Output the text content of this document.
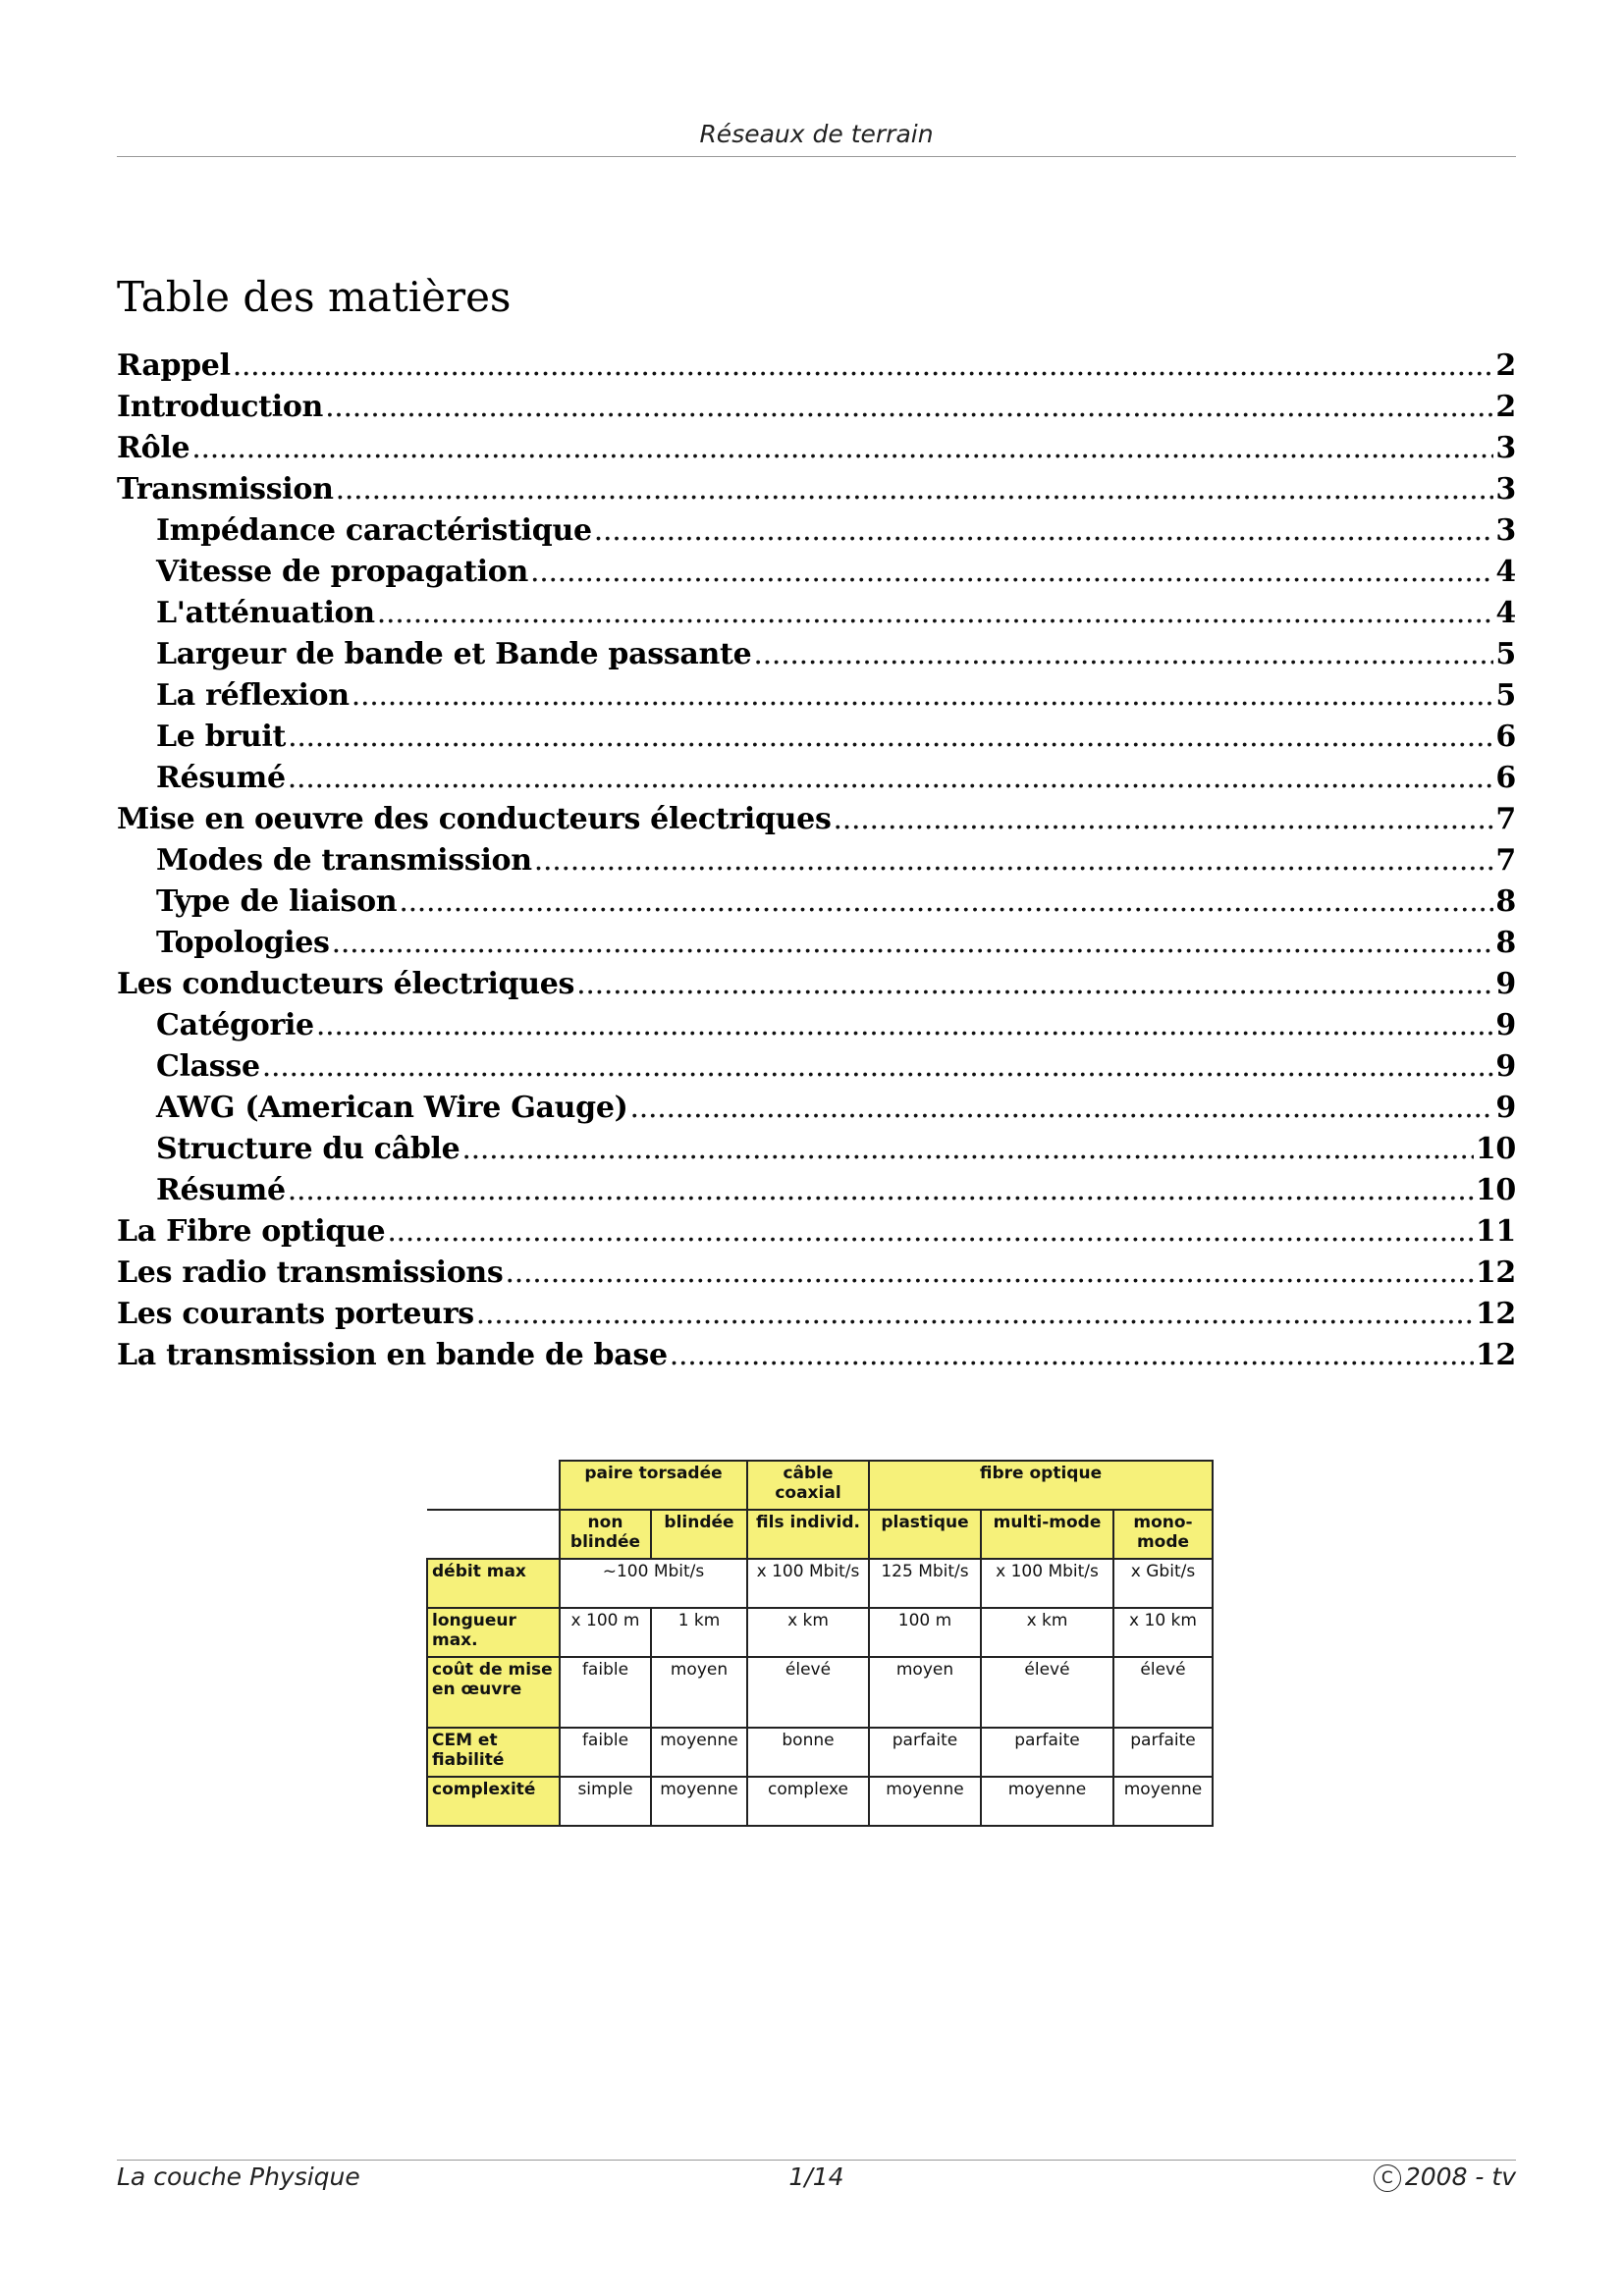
Réseaux de terrain
Table des matières
Rappel .....	2
Introduction .....	2
Rôle .....	3
Transmission .....	3
Impédance caractéristique .....	3
Vitesse de propagation .....	4
L'atténuation .....	4
Largeur de bande et Bande passante .....	5
La réflexion .....	5
Le bruit .....	6
Résumé .....	6
Mise en oeuvre des conducteurs électriques .....	7
Modes de transmission .....	7
Type de liaison .....	8
Topologies .....	8
Les conducteurs électriques .....	9
Catégorie .....	9
Classe .....	9
AWG (American Wire Gauge) .....	9
Structure du câble .....	10
Résumé .....	10
La Fibre optique .....	11
Les radio transmissions .....	12
Les courants porteurs .....	12
La transmission en bande de base .....	12
	paire torsadée		câble coaxial	fibre optique		
	non blindée	blindée	fils individ.	plastique	multi-mode	mono-mode
débit max	~100 Mbit/s		x 100 Mbit/s	125 Mbit/s	x 100 Mbit/s	x Gbit/s
longueur max.	x 100 m	1 km	x km	100 m	x km	x 10 km
coût de mise en œuvre	faible	moyen	élevé	moyen	élevé	élevé
CEM et fiabilité	faible	moyenne	bonne	parfaite	parfaite	parfaite
complexité	simple	moyenne	complexe	moyenne	moyenne	moyenne
La couche Physique	1/14	C 2008 - tv
